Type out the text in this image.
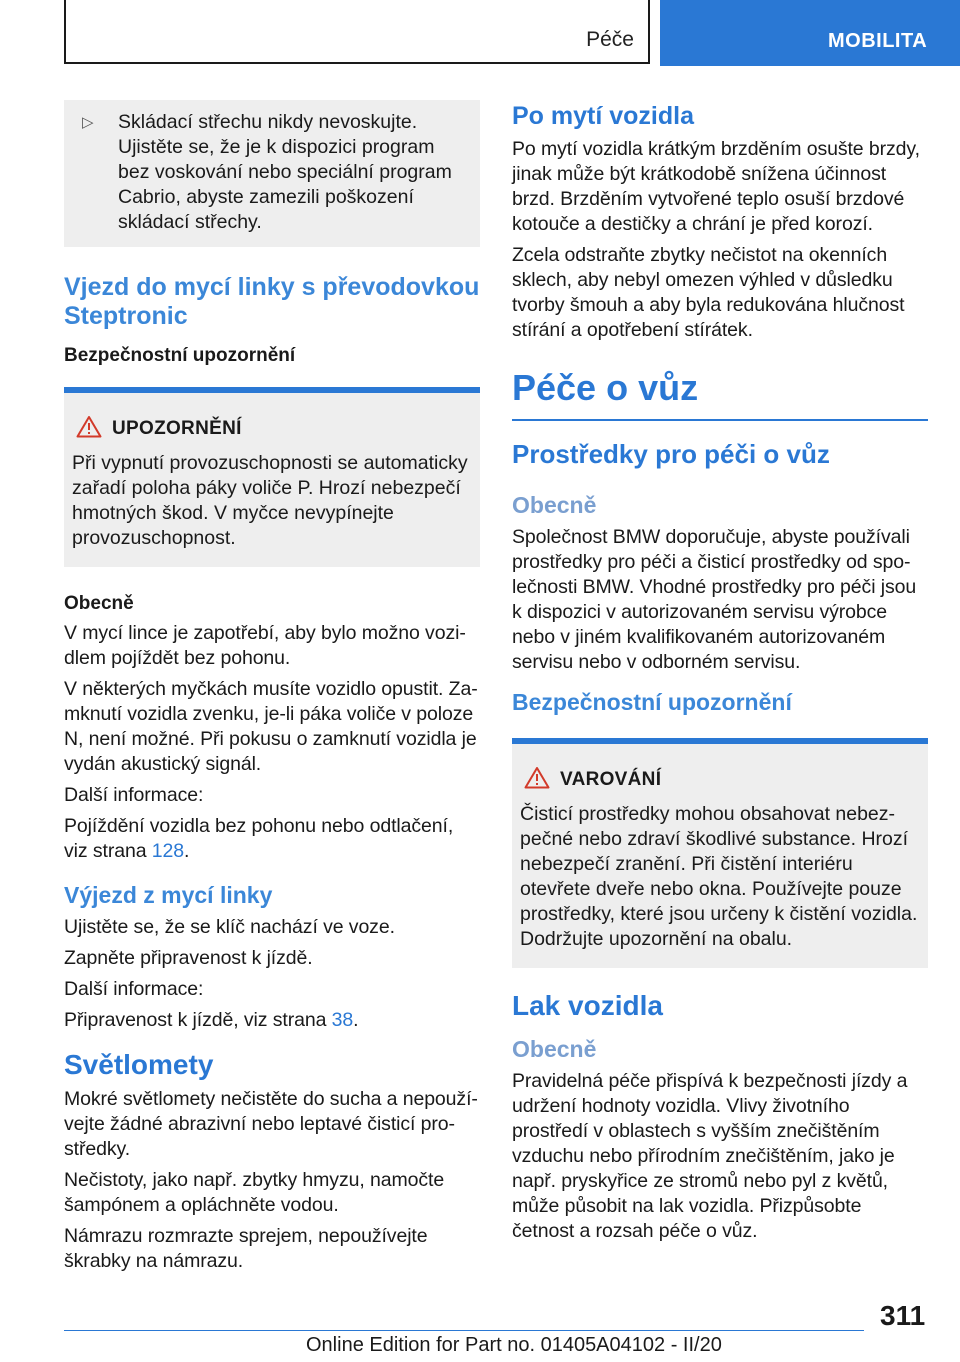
Péče	MOBILITA
▷	Skládací střechu nikdy nevoskujte. Ujistěte se, že je k dispozici program bez voskování nebo speciální program Cabrio, abyste zamezili poškození skládací střechy.
Vjezd do mycí linky s převodovkou Steptronic
Bezpečnostní upozornění
UPOZORNĚNÍ
Při vypnutí provozuschopnosti se automaticky zařadí poloha páky voliče P. Hrozí nebezpečí hmotných škod. V myčce nevypínejte provozuschopnost.
Obecně

V mycí lince je zapotřebí, aby bylo možno vozidlem pojíždět bez pohonu.

V některých myčkách musíte vozidlo opustit. Zamknutí vozidla zvenku, je-li páka voliče v poloze N, není možné. Při pokusu o zamknutí vozidla je vydán akustický signál.

Další informace:

Pojíždění vozidla bez pohonu nebo odtlačení, viz strana 128.

Výjezd z mycí linky

Ujistěte se, že se klíč nachází ve voze.

Zapněte připravenost k jízdě.

Další informace:

Připravenost k jízdě, viz strana 38.

Světlomety

Mokré světlomety nečistěte do sucha a nepoužívejte žádné abrazivní nebo leptavé čisticí prostředky.

Nečistoty, jako např. zbytky hmyzu, namočte šampónem a opláchněte vodou.

Námrazu rozmrazte sprejem, nepoužívejte škrabky na námrazu.

Po mytí vozidla

Po mytí vozidla krátkým brzděním osušte brzdy, jinak může být krátkodobě snížena účinnost brzd. Brzděním vytvořené teplo osuší brzdové kotouče a destičky a chrání je před korozí.

Zcela odstraňte zbytky nečistot na okenních sklech, aby nebyl omezen výhled v důsledku tvorby šmouh a aby byla redukována hlučnost stírání a opotřebení stírátek.

Péče o vůz
Prostředky pro péči o vůz
Obecně

Společnost BMW doporučuje, abyste používali prostředky pro péči a čisticí prostředky od společnosti BMW. Vhodné prostředky pro péči jsou k dispozici v autorizovaném servisu výrobce nebo v jiném kvalifikovaném autorizovaném servisu nebo v odborném servisu.

Bezpečnostní upozornění
VAROVÁNÍ
Čisticí prostředky mohou obsahovat nebezpečné nebo zdraví škodlivé substance. Hrozí nebezpečí zranění. Při čistění interiéru otevřete dveře nebo okna. Používejte pouze prostředky, které jsou určeny k čistění vozidla. Dodržujte upozornění na obalu.
Lak vozidla
Obecně

Pravidelná péče přispívá k bezpečnosti jízdy a udržení hodnoty vozidla. Vlivy životního prostředí v oblastech s vyšším znečištěním vzduchu nebo přírodním znečištěním, jako je např. pryskyřice ze stromů nebo pyl z květů, může působit na lak vozidla. Přizpůsobte četnost a rozsah péče o vůz.

311
Online Edition for Part no. 01405A04102 - II/20
